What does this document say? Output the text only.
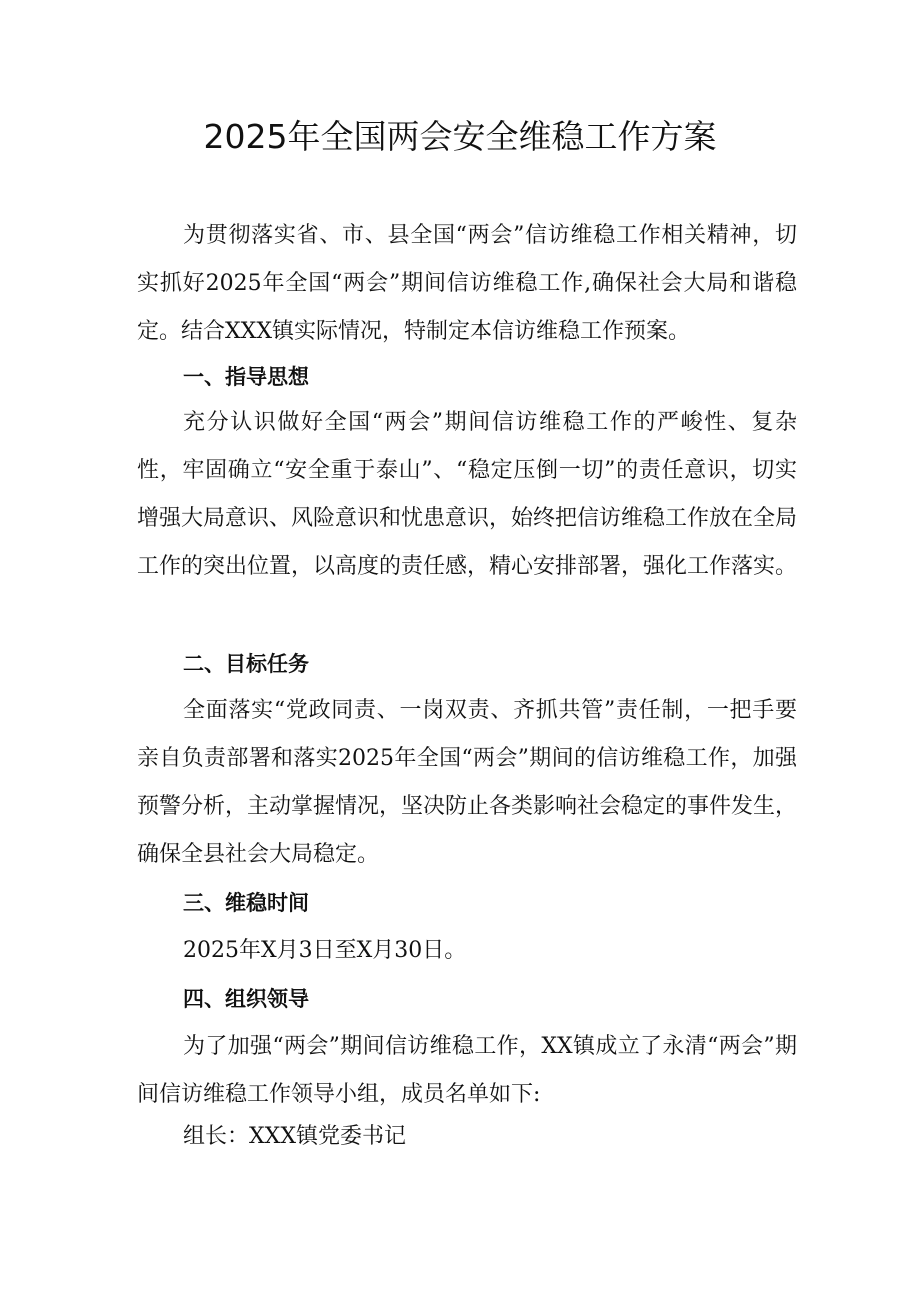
2025年全国两会安全维稳工作方案

为贯彻落实省、市、县全国“两会”信访维稳工作相关精神，切实抓好2025年全国“两会”期间信访维稳工作,确保社会大局和谐稳定。结合XXX镇实际情况，特制定本信访维稳工作预案。

一、指导思想

充分认识做好全国“两会”期间信访维稳工作的严峻性、复杂性，牢固确立“安全重于泰山”、“稳定压倒一切”的责任意识，切实增强大局意识、风险意识和忧患意识，始终把信访维稳工作放在全局工作的突出位置，以高度的责任感，精心安排部署，强化工作落实。

二、目标任务

全面落实“党政同责、一岗双责、齐抓共管”责任制，一把手要亲自负责部署和落实2025年全国“两会”期间的信访维稳工作，加强预警分析，主动掌握情况，坚决防止各类影响社会稳定的事件发生，确保全县社会大局稳定。

三、维稳时间

2025年X月3日至X月30日。

四、组织领导

为了加强“两会”期间信访维稳工作，XX镇成立了永清“两会”期间信访维稳工作领导小组，成员名单如下:

组长：XXX镇党委书记
